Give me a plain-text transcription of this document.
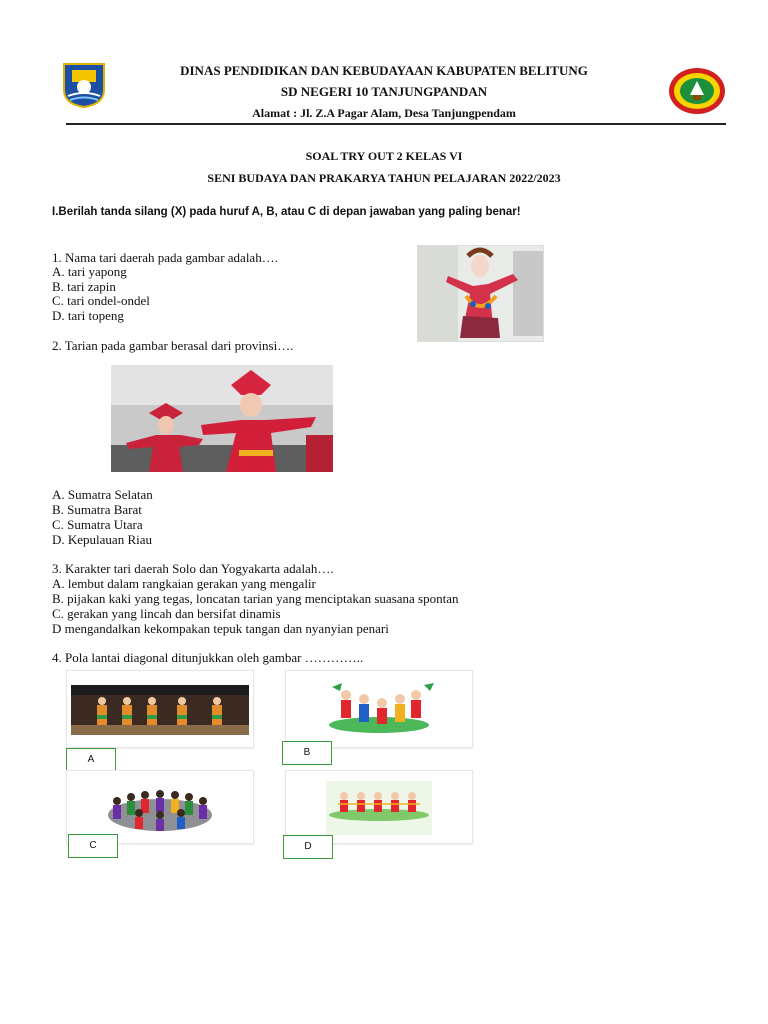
DINAS PENDIDIKAN DAN KEBUDAYAAN KABUPATEN BELITUNG
SD NEGERI 10 TANJUNGPANDAN
Alamat : Jl. Z.A Pagar Alam, Desa Tanjungpendam
SOAL TRY OUT 2 KELAS VI
SENI BUDAYA DAN PRAKARYA TAHUN PELAJARAN 2022/2023
I.Berilah tanda silang (X) pada huruf A, B, atau C di depan jawaban yang paling benar!
1. Nama tari daerah pada gambar adalah….
A. tari yapong
B. tari zapin
C. tari ondel-ondel
D. tari topeng
2. Tarian pada gambar berasal dari provinsi….
A. Sumatra Selatan
B. Sumatra Barat
C. Sumatra Utara
D. Kepulauan Riau
3. Karakter tari daerah Solo dan Yogyakarta adalah….
A. lembut dalam rangkaian gerakan yang mengalir
B. pijakan kaki yang tegas, loncatan tarian yang menciptakan suasana spontan
C. gerakan yang lincah dan bersifat dinamis
D mengandalkan kekompakan tepuk tangan dan nyanyian penari
4. Pola lantai diagonal ditunjukkan oleh gambar …………..
A
B
C	D
